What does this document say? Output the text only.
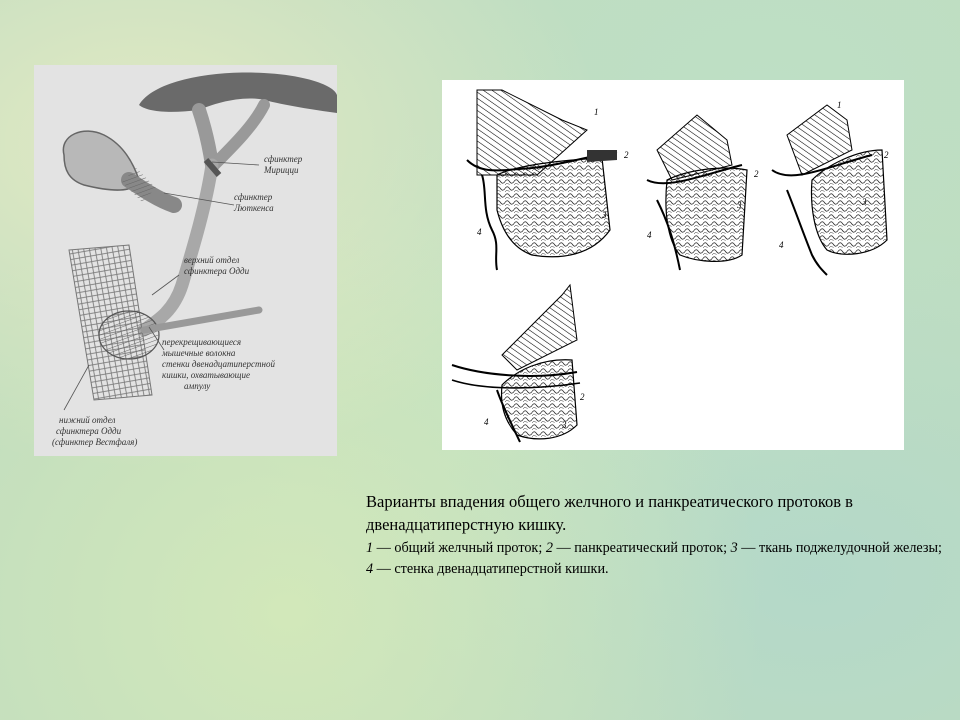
сфинктер
Мирицци
сфинктер
Люткенса
верхний отдел
сфинктера Одди
перекрещивающиеся
мышечные волокна
стенки двенадцатиперстной
кишки, охватывающие
ампулу
нижний отдел
сфинктера Одди
(сфинктер Вестфаля)
1
2
3
4
2
3
4
1
2
3
4
2
3
4
Варианты впадения общего желчного и панкреатического протоков в двенадцатиперстную кишку.
1 — общий желчный проток; 2 — панкреатический проток; 3 — ткань поджелудочной железы; 4 — стенка двенадцатиперстной кишки.
